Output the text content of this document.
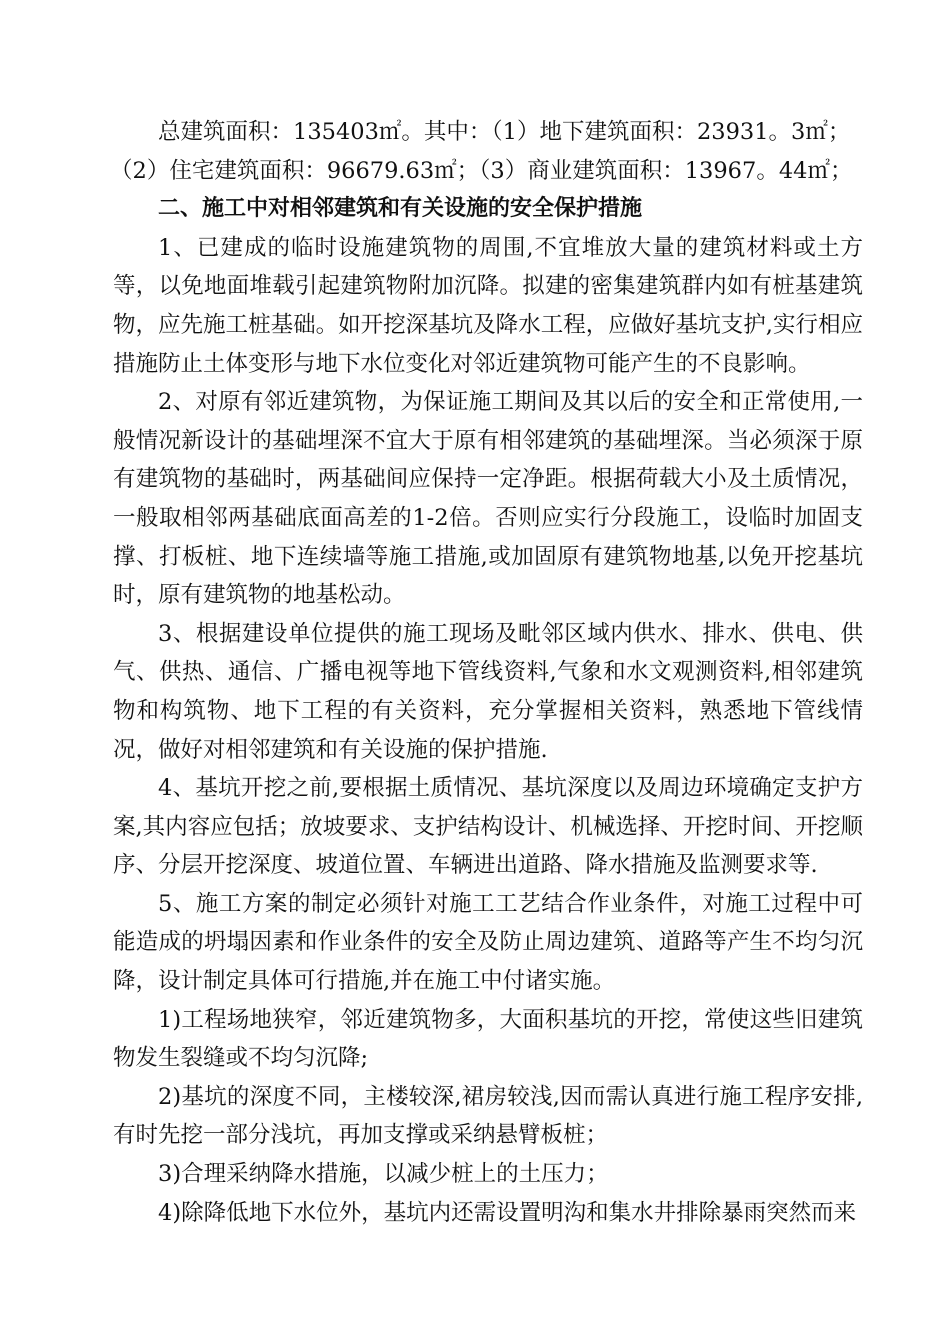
总建筑面积：135403㎡。其中：（1）地下建筑面积：23931。3㎡；

（2）住宅建筑面积：96679.63㎡；（3）商业建筑面积：13967。44㎡；

二、施工中对相邻建筑和有关设施的安全保护措施

1、已建成的临时设施建筑物的周围,不宜堆放大量的建筑材料或土方等，以免地面堆载引起建筑物附加沉降。拟建的密集建筑群内如有桩基建筑物，应先施工桩基础。如开挖深基坑及降水工程，应做好基坑支护,实行相应措施防止土体变形与地下水位变化对邻近建筑物可能产生的不良影响。

2、对原有邻近建筑物，为保证施工期间及其以后的安全和正常使用,一般情况新设计的基础埋深不宜大于原有相邻建筑的基础埋深。当必须深于原有建筑物的基础时，两基础间应保持一定净距。根据荷载大小及土质情况，一般取相邻两基础底面高差的1-2倍。否则应实行分段施工，设临时加固支撑、打板桩、地下连续墙等施工措施,或加固原有建筑物地基,以免开挖基坑时，原有建筑物的地基松动。

3、根据建设单位提供的施工现场及毗邻区域内供水、排水、供电、供气、供热、通信、广播电视等地下管线资料,气象和水文观测资料,相邻建筑物和构筑物、地下工程的有关资料，充分掌握相关资料，熟悉地下管线情况，做好对相邻建筑和有关设施的保护措施.

4、基坑开挖之前,要根据土质情况、基坑深度以及周边环境确定支护方案,其内容应包括；放坡要求、支护结构设计、机械选择、开挖时间、开挖顺序、分层开挖深度、坡道位置、车辆进出道路、降水措施及监测要求等.

5、施工方案的制定必须针对施工工艺结合作业条件，对施工过程中可能造成的坍塌因素和作业条件的安全及防止周边建筑、道路等产生不均匀沉降，设计制定具体可行措施,并在施工中付诸实施。

1)工程场地狭窄，邻近建筑物多，大面积基坑的开挖，常使这些旧建筑物发生裂缝或不均匀沉降;

2)基坑的深度不同，主楼较深,裙房较浅,因而需认真进行施工程序安排,有时先挖一部分浅坑，再加支撑或采纳悬臂板桩；

3)合理采纳降水措施，以减少桩上的土压力；

4)除降低地下水位外，基坑内还需设置明沟和集水井排除暴雨突然而来
